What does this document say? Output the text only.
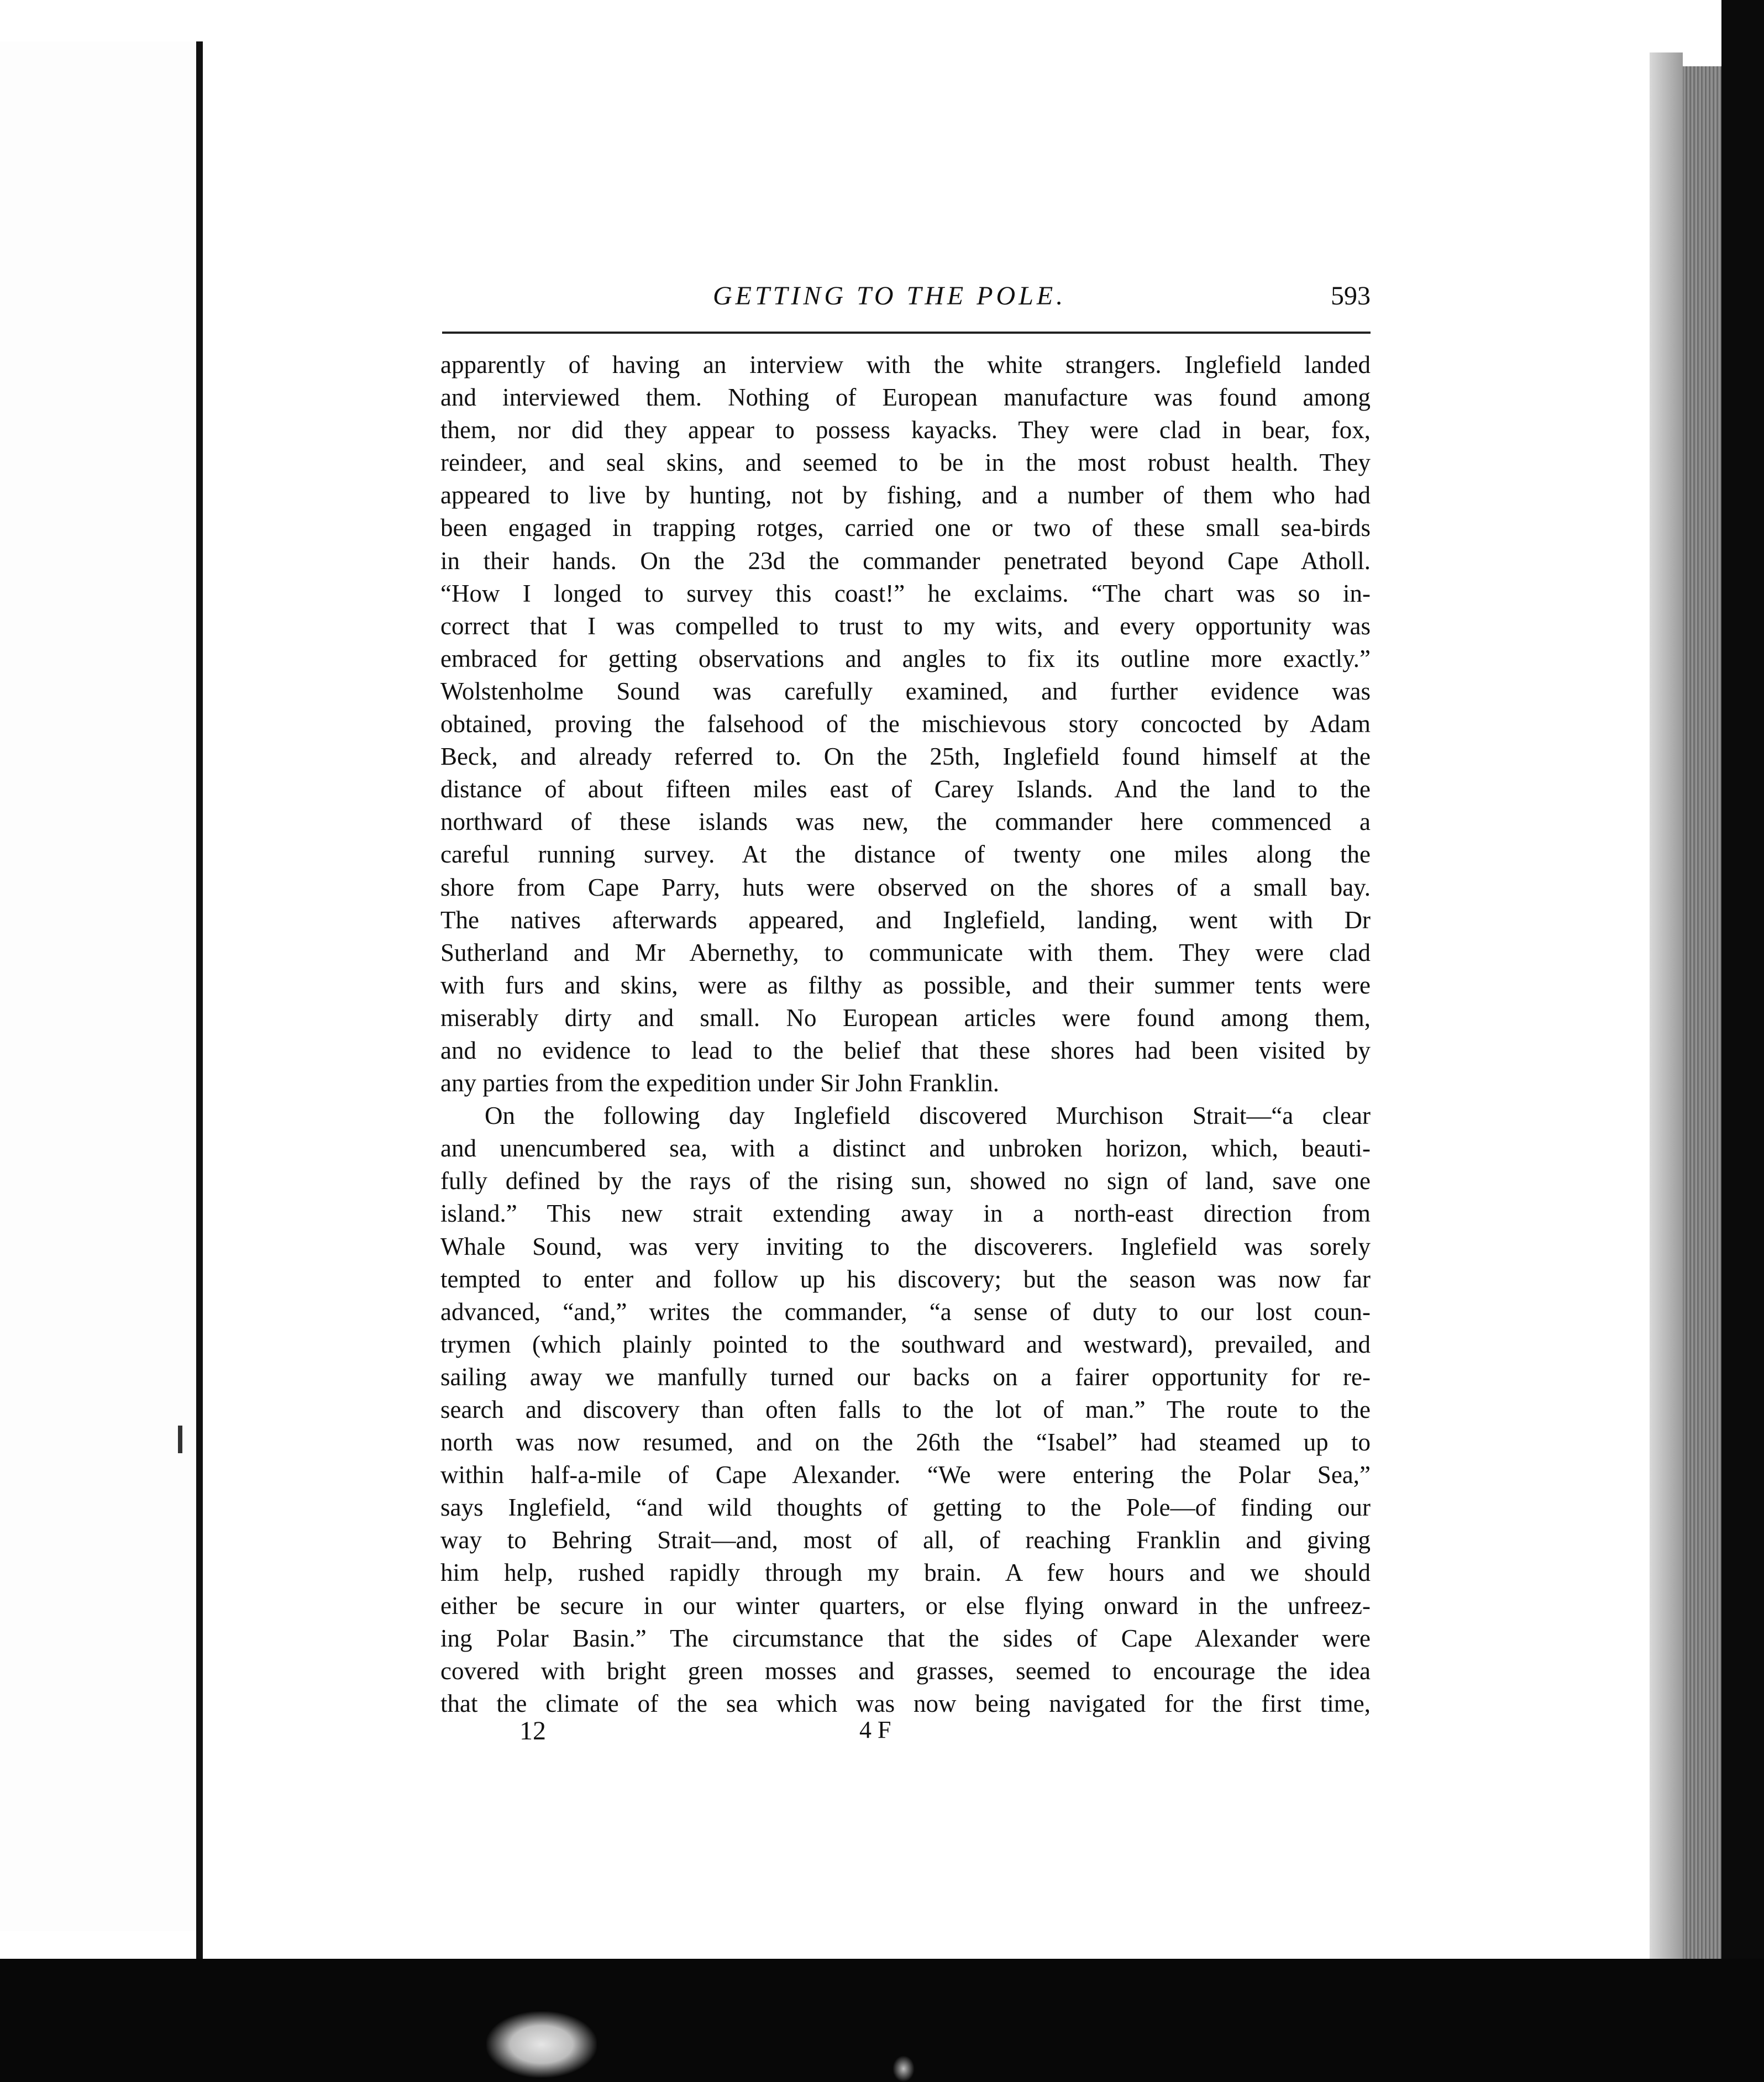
GETTING TO THE POLE.	593
apparently of having an interview with the white strangers. Inglefield landed
and interviewed them. Nothing of European manufacture was found among
them, nor did they appear to possess kayacks. They were clad in bear, fox,
reindeer, and seal skins, and seemed to be in the most robust health. They
appeared to live by hunting, not by fishing, and a number of them who had
been engaged in trapping rotges, carried one or two of these small sea-birds
in their hands. On the 23d the commander penetrated beyond Cape Atholl.
“How I longed to survey this coast!” he exclaims. “The chart was so in-
correct that I was compelled to trust to my wits, and every opportunity was
embraced for getting observations and angles to fix its outline more exactly.”
Wolstenholme Sound was carefully examined, and further evidence was
obtained, proving the falsehood of the mischievous story concocted by Adam
Beck, and already referred to. On the 25th, Inglefield found himself at the
distance of about fifteen miles east of Carey Islands. And the land to the
northward of these islands was new, the commander here commenced a
careful running survey. At the distance of twenty one miles along the
shore from Cape Parry, huts were observed on the shores of a small bay.
The natives afterwards appeared, and Inglefield, landing, went with Dr
Sutherland and Mr Abernethy, to communicate with them. They were clad
with furs and skins, were as filthy as possible, and their summer tents were
miserably dirty and small. No European articles were found among them,
and no evidence to lead to the belief that these shores had been visited by
any parties from the expedition under Sir John Franklin.
On the following day Inglefield discovered Murchison Strait—“a clear
and unencumbered sea, with a distinct and unbroken horizon, which, beauti-
fully defined by the rays of the rising sun, showed no sign of land, save one
island.” This new strait extending away in a north-east direction from
Whale Sound, was very inviting to the discoverers. Inglefield was sorely
tempted to enter and follow up his discovery; but the season was now far
advanced, “and,” writes the commander, “a sense of duty to our lost coun-
trymen (which plainly pointed to the southward and westward), prevailed, and
sailing away we manfully turned our backs on a fairer opportunity for re-
search and discovery than often falls to the lot of man.” The route to the
north was now resumed, and on the 26th the “Isabel” had steamed up to
within half-a-mile of Cape Alexander. “We were entering the Polar Sea,”
says Inglefield, “and wild thoughts of getting to the Pole—of finding our
way to Behring Strait—and, most of all, of reaching Franklin and giving
him help, rushed rapidly through my brain. A few hours and we should
either be secure in our winter quarters, or else flying onward in the unfreez-
ing Polar Basin.” The circumstance that the sides of Cape Alexander were
covered with bright green mosses and grasses, seemed to encourage the idea
that the climate of the sea which was now being navigated for the first time,
12	4 F
